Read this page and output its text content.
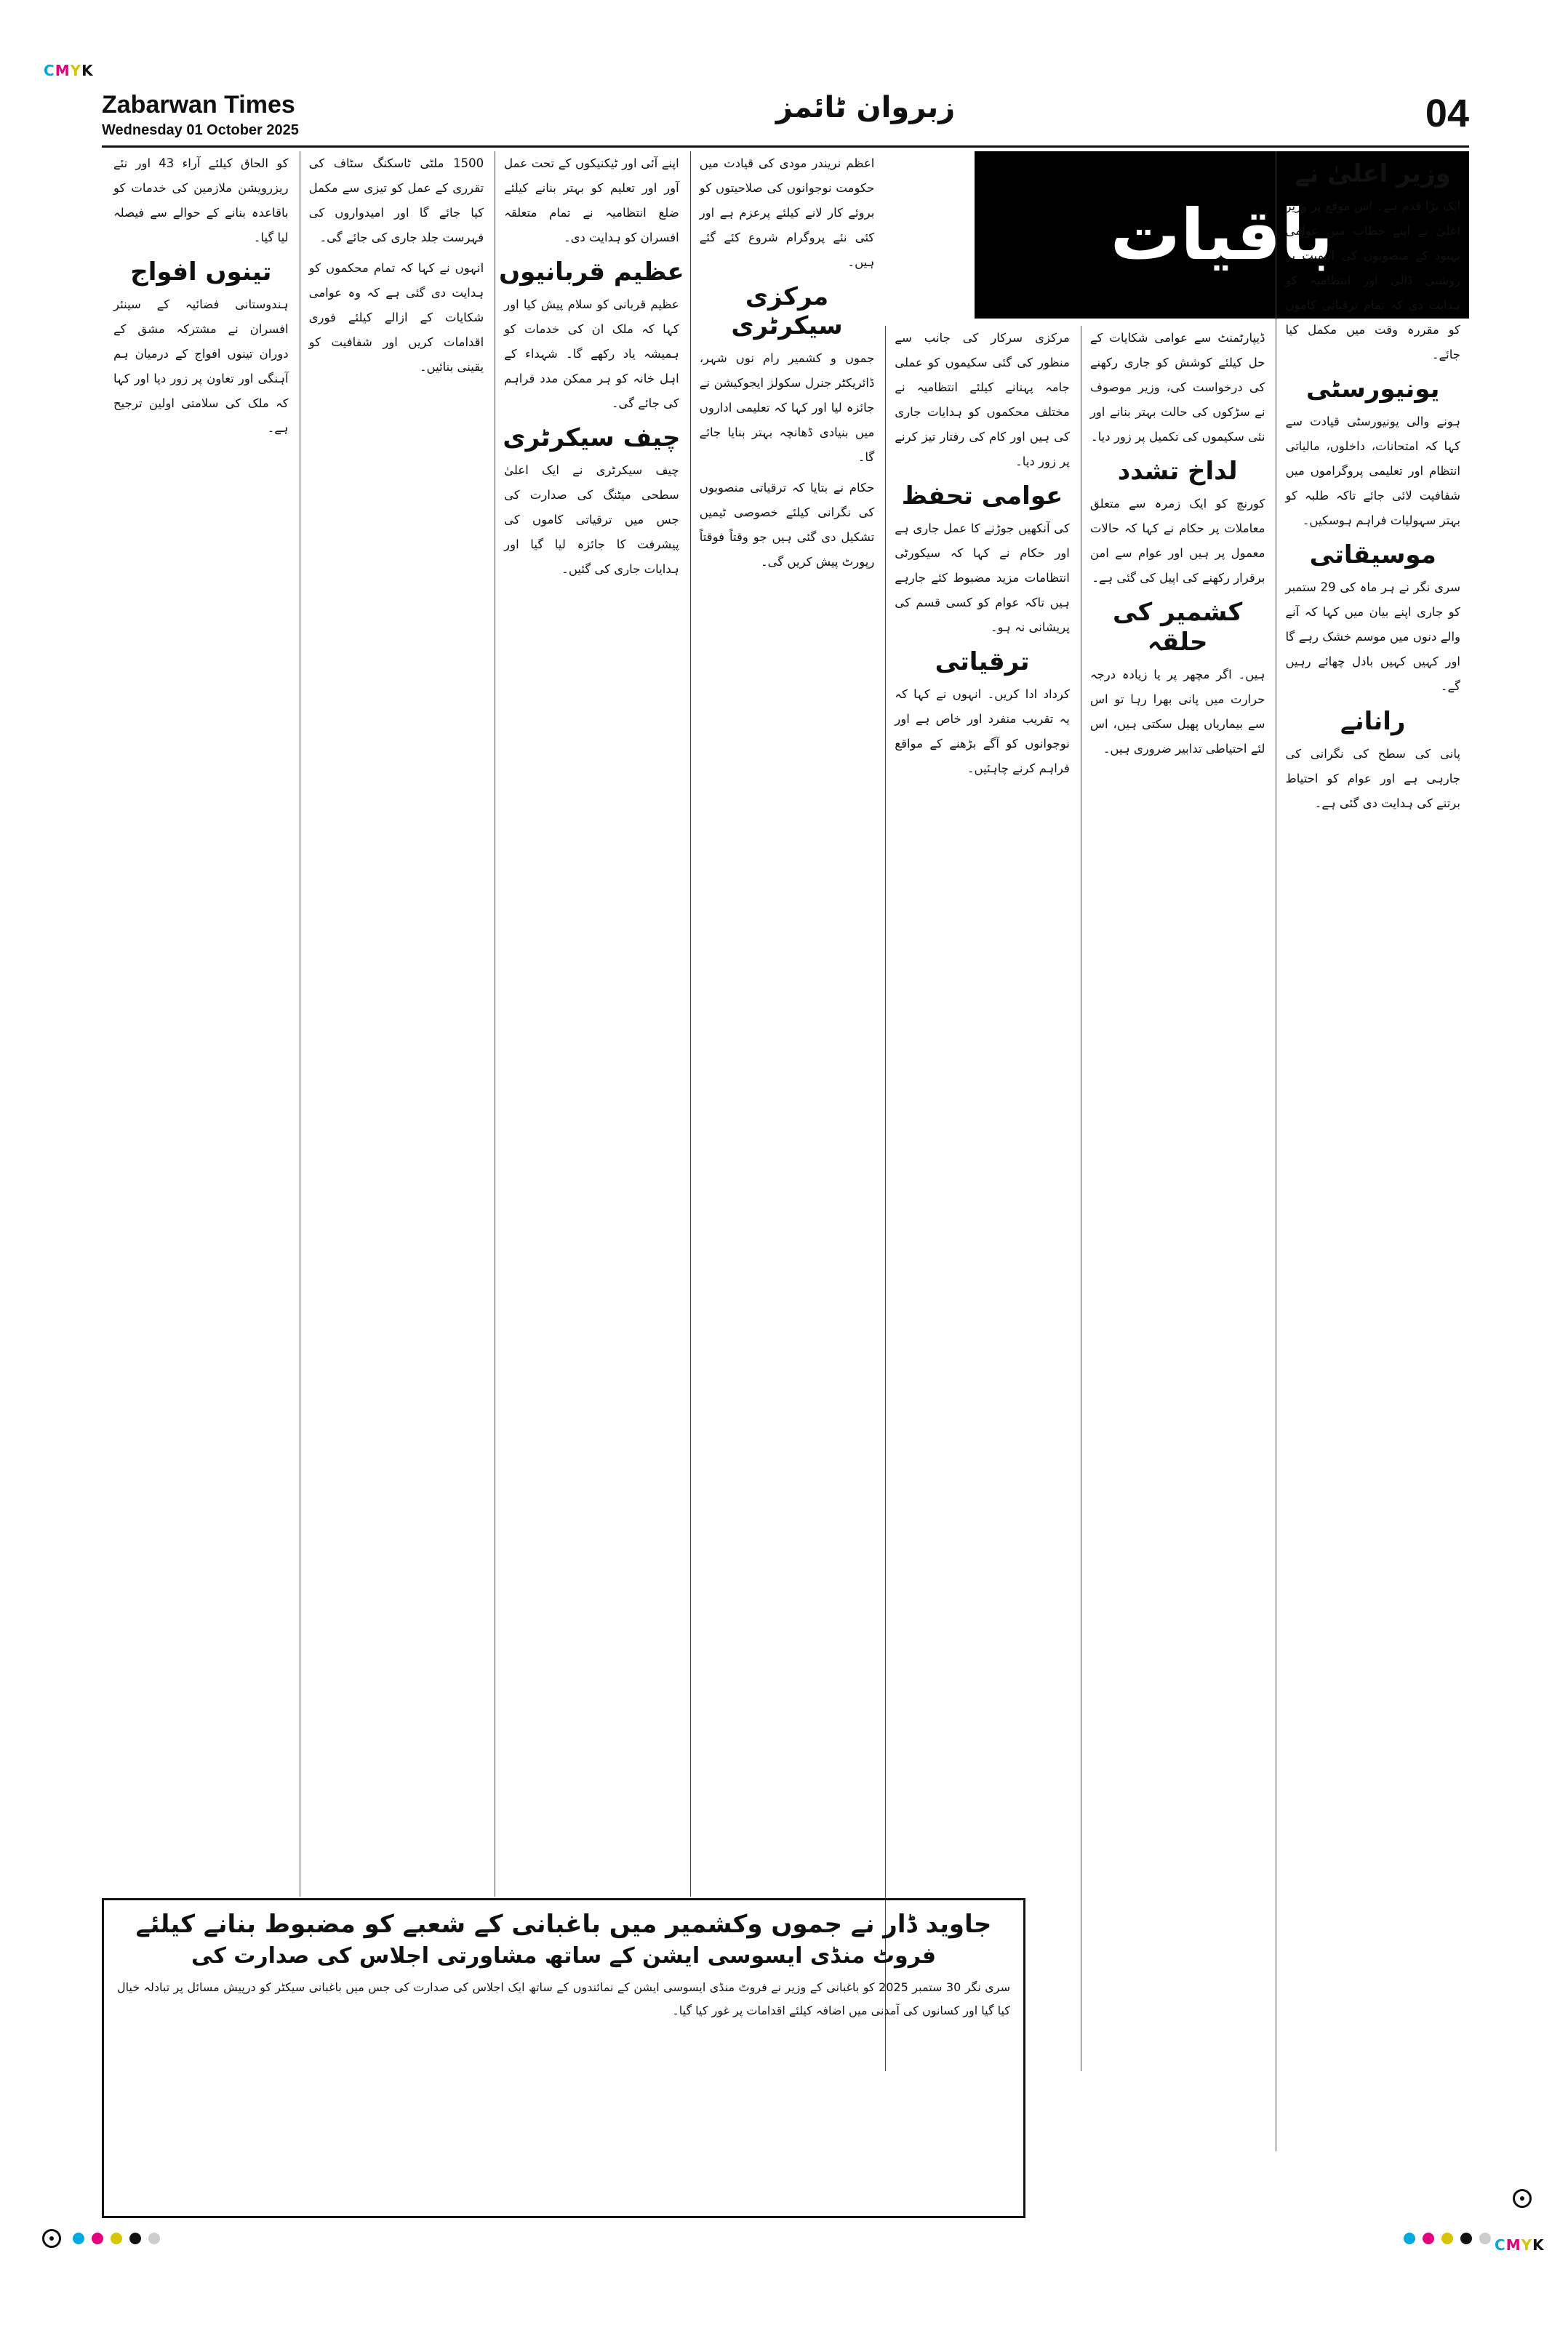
CMYK
CMYK
Zabarwan Times
Wednesday 01 October 2025
زبروان ٹائمز	04
باقیات
وزیر اعلیٰ نے

ایک بڑا قدم ہے۔ اس موقع پر وزیر اعلیٰ نے اپنے خطاب میں عوامی بہبود کے منصوبوں کی اہمیت پر روشنی ڈالی اور انتظامیہ کو ہدایت دی کہ تمام ترقیاتی کاموں کو مقررہ وقت میں مکمل کیا جائے۔

یونیورسٹی

ہونے والی یونیورسٹی قیادت سے کہا کہ امتحانات، داخلوں، مالیاتی انتظام اور تعلیمی پروگراموں میں شفافیت لائی جائے تاکہ طلبہ کو بہتر سہولیات فراہم ہوسکیں۔

موسیقاتی

سری نگر نے ہر ماہ کی 29 ستمبر کو جاری اپنے بیان میں کہا کہ آنے والے دنوں میں موسم خشک رہے گا اور کہیں کہیں بادل چھائے رہیں گے۔

رانانے

پانی کی سطح کی نگرانی کی جارہی ہے اور عوام کو احتیاط برتنے کی ہدایت دی گئی ہے۔

ڈیپارٹمنٹ سے عوامی شکایات کے حل کیلئے کوشش کو جاری رکھنے کی درخواست کی، وزیر موصوف نے سڑکوں کی حالت بہتر بنانے اور نئی سکیموں کی تکمیل پر زور دیا۔

لداخ تشدد

کورنچ کو ایک زمرہ سے متعلق معاملات پر حکام نے کہا کہ حالات معمول پر ہیں اور عوام سے امن برقرار رکھنے کی اپیل کی گئی ہے۔

کشمیر کی حلقہ

ہیں۔ اگر مچھر پر یا زیادہ درجہ حرارت میں پانی بھرا رہا تو اس سے بیماریاں پھیل سکتی ہیں، اس لئے احتیاطی تدابیر ضروری ہیں۔

مرکزی سرکار کی جانب سے منظور کی گئی سکیموں کو عملی جامہ پہنانے کیلئے انتظامیہ نے مختلف محکموں کو ہدایات جاری کی ہیں اور کام کی رفتار تیز کرنے پر زور دیا۔

عوامی تحفظ

کی آنکھیں جوڑنے کا عمل جاری ہے اور حکام نے کہا کہ سیکورٹی انتظامات مزید مضبوط کئے جارہے ہیں تاکہ عوام کو کسی قسم کی پریشانی نہ ہو۔

ترقیاتی

کرداد ادا کریں۔ انہوں نے کہا کہ یہ تقریب منفرد اور خاص ہے اور نوجوانوں کو آگے بڑھنے کے مواقع فراہم کرنے چاہئیں۔

اعظم نریندر مودی کی قیادت میں حکومت نوجوانوں کی صلاحیتوں کو بروئے کار لانے کیلئے پرعزم ہے اور کئی نئے پروگرام شروع کئے گئے ہیں۔

مرکزی سیکرٹری

جموں و کشمیر رام نوں شہر، ڈائریکٹر جنرل سکولز ایجوکیشن نے جائزہ لیا اور کہا کہ تعلیمی اداروں میں بنیادی ڈھانچہ بہتر بنایا جائے گا۔

حکام نے بتایا کہ ترقیاتی منصوبوں کی نگرانی کیلئے خصوصی ٹیمیں تشکیل دی گئی ہیں جو وقتاً فوقتاً رپورٹ پیش کریں گی۔

اپنے آئی اور ٹیکنیکوں کے تحت عمل آور اور تعلیم کو بہتر بنانے کیلئے ضلع انتظامیہ نے تمام متعلقہ افسران کو ہدایت دی۔

عظیم قربانیوں

عظیم قربانی کو سلام پیش کیا اور کہا کہ ملک ان کی خدمات کو ہمیشہ یاد رکھے گا۔ شہداء کے اہل خانہ کو ہر ممکن مدد فراہم کی جائے گی۔

چیف سیکرٹری

چیف سیکرٹری نے ایک اعلیٰ سطحی میٹنگ کی صدارت کی جس میں ترقیاتی کاموں کی پیشرفت کا جائزہ لیا گیا اور ہدایات جاری کی گئیں۔

1500 ملٹی ٹاسکنگ سٹاف کی تقرری کے عمل کو تیزی سے مکمل کیا جائے گا اور امیدواروں کی فہرست جلد جاری کی جائے گی۔

انہوں نے کہا کہ تمام محکموں کو ہدایت دی گئی ہے کہ وہ عوامی شکایات کے ازالے کیلئے فوری اقدامات کریں اور شفافیت کو یقینی بنائیں۔

کو الحاق کیلئے آراء 43 اور نئے ریزرویشن ملازمین کی خدمات کو باقاعدہ بنانے کے حوالے سے فیصلہ لیا گیا۔

تینوں افواج

ہندوستانی فضائیہ کے سینئر افسران نے مشترکہ مشق کے دوران تینوں افواج کے درمیان ہم آہنگی اور تعاون پر زور دیا اور کہا کہ ملک کی سلامتی اولین ترجیح ہے۔

جاوید ڈار نے جموں وکشمیر میں باغبانی کے شعبے کو مضبوط بنانے کیلئے
فروٹ منڈی ایسوسی ایشن کے ساتھ مشاورتی اجلاس کی صدارت کی

سری نگر 30 ستمبر 2025 کو باغبانی کے وزیر نے فروٹ منڈی ایسوسی ایشن کے نمائندوں کے ساتھ ایک اجلاس کی صدارت کی جس میں باغبانی سیکٹر کو درپیش مسائل پر تبادلہ خیال کیا گیا اور کسانوں کی آمدنی میں اضافہ کیلئے اقدامات پر غور کیا گیا۔
